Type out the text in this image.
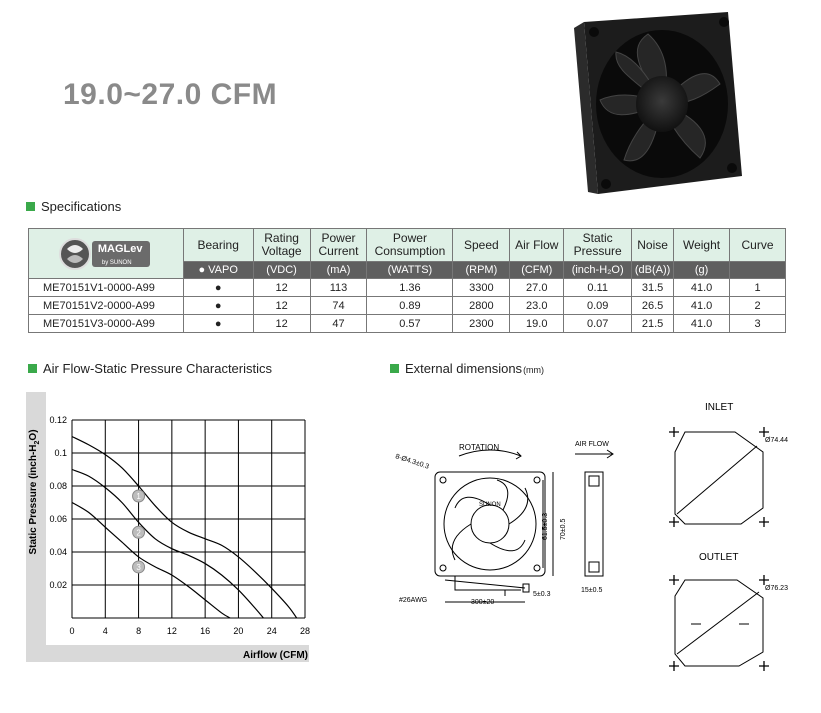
19.0~27.0 CFM
Specifications
MAGLev
by SUNON	Bearing	Rating Voltage	Power Current	Power Consumption	Speed	Air Flow	Static Pressure	Noise	Weight	Curve
	● VAPO	(VDC)	(mA)	(WATTS)	(RPM)	(CFM)	(inch-H₂O)	(dB(A))	(g)	
ME70151V1-0000-A99	●	12	113	1.36	3300	27.0	0.11	31.5	41.0	1
ME70151V2-0000-A99	●	12	74	0.89	2800	23.0	0.09	26.5	41.0	2
ME70151V3-0000-A99	●	12	47	0.57	2300	19.0	0.07	21.5	41.0	3
Air Flow-Static Pressure Characteristics	External dimensions (mm)
0	4	8	12	16	20	24	28
0.02
0.04
0.06
0.08
0.1
0.12
1
2
3
Airflow (CFM)
Static Pressure $(inch-H_2O)$
ROTATION
8-Ø4.3±0.3
70±0.5
61.5±0.3
SUNON
#26AWG	300±20
5±0.3
AIR FLOW
15±0.5
INLET
Ø74.44
OUTLET
Ø76.23
